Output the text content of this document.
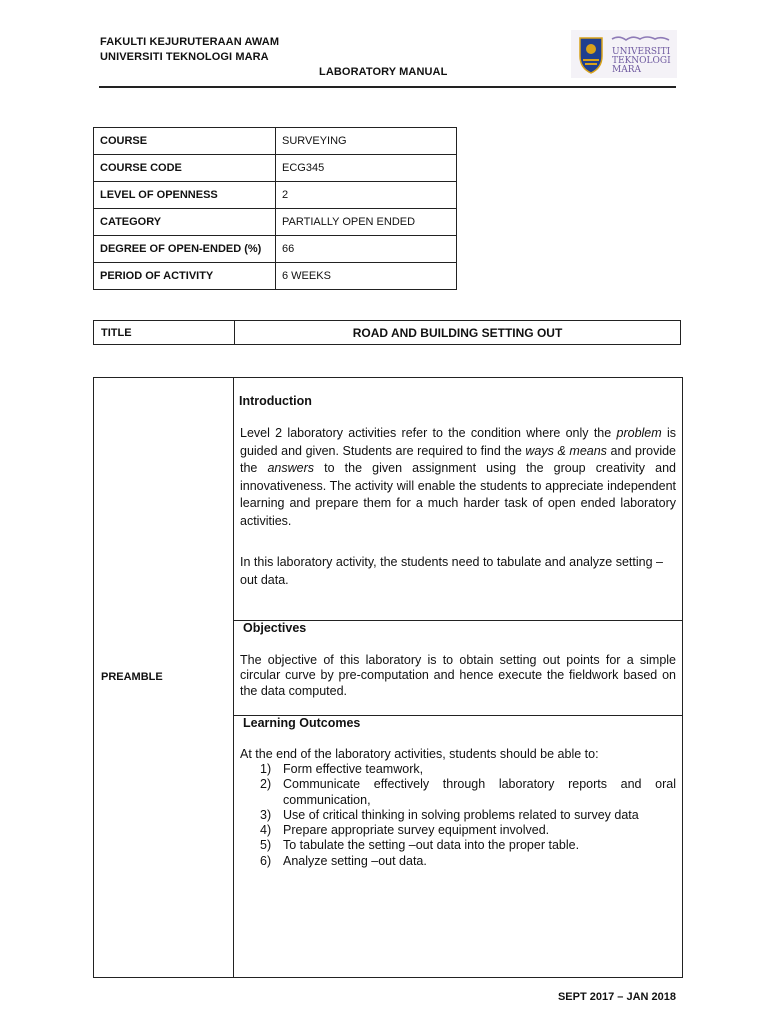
FAKULTI KEJURUTERAAN AWAM
UNIVERSITI TEKNOLOGI MARA
LABORATORY MANUAL
UNIVERSITI
TEKNOLOGI
MARA
COURSE	SURVEYING
COURSE CODE	ECG345
LEVEL OF OPENNESS	2
CATEGORY	PARTIALLY OPEN ENDED
DEGREE OF OPEN-ENDED (%)	66
PERIOD OF ACTIVITY	6 WEEKS
TITLE	ROAD AND BUILDING SETTING OUT
PREAMBLE
Introduction

Level 2 laboratory activities refer to the condition where only the problem is guided and given. Students are required to find the ways & means and provide the answers to the given assignment using the group creativity and innovativeness. The activity will enable the students to appreciate independent learning and prepare them for a much harder task of open ended laboratory activities.

In this laboratory activity, the students need to tabulate and analyze setting –out data.

Objectives

The objective of this laboratory is to obtain setting out points for a simple circular curve by pre-computation and hence execute the fieldwork based on the data computed.

Learning Outcomes

At the end of the laboratory activities, students should be able to:

1) Form effective teamwork,
2) Communicate effectively through laboratory reports and oral communication,
3) Use of critical thinking in solving problems related to survey data
4) Prepare appropriate survey equipment involved.
5) To tabulate the setting –out data into the proper table.
6) Analyze setting –out data.
SEPT 2017 – JAN 2018
